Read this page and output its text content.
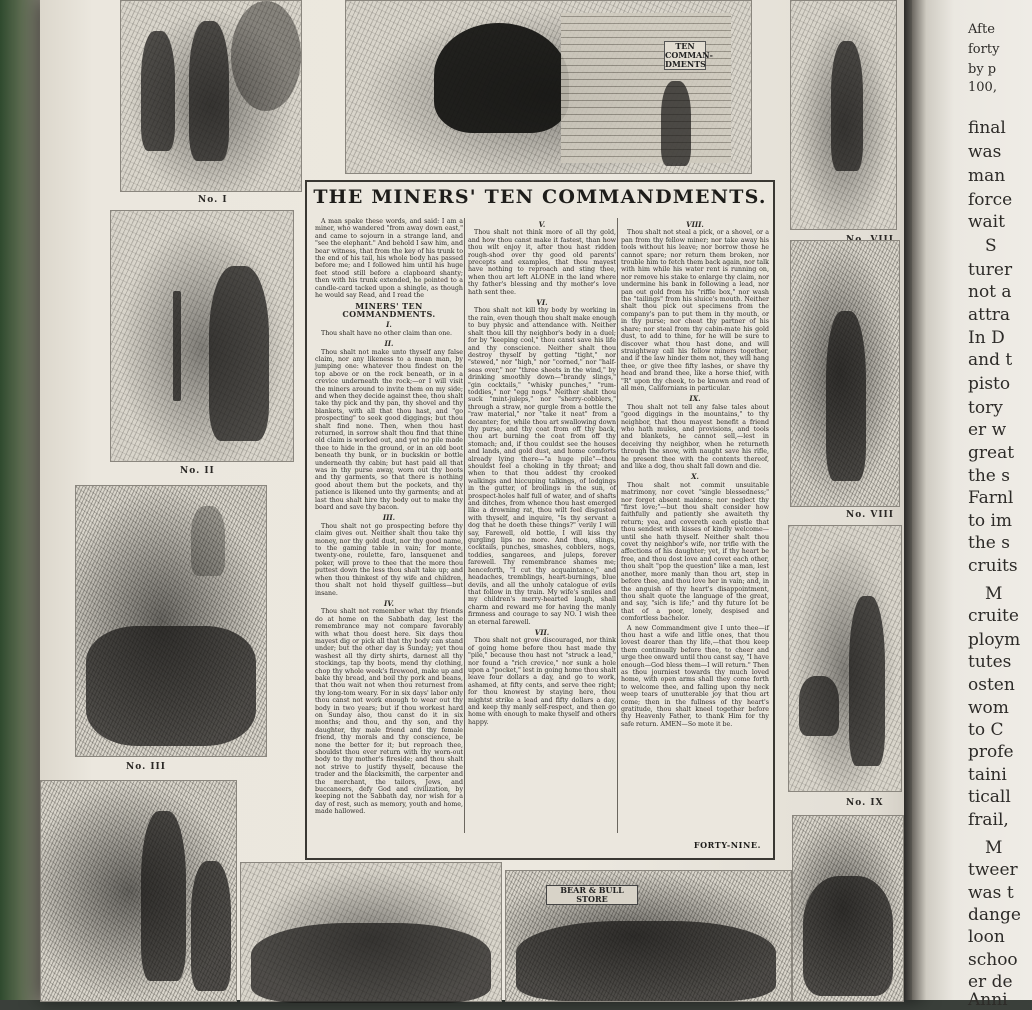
Afte
forty
by p
100,
final
was
man
force
wait
S
turer
not a
attra
In D
and t
pisto
tory
er w
great
the s
Farnl
to im
the s
cruits
M
cruite
ploym
tutes
osten
wom
to C
profe
taini
ticall
frail,
M
tweer
was t
dange
loon
schoo
er de
Anni
No. I
No. II
No. III
TEN
COMMAN-
DMENTS
No. VIII
No. IX
BEAR & BULL STORE
THE MINERS' TEN COMMANDMENTS.

A man spake these words, and said: I am a miner, who wandered "from away down east," and came to sojourn in a strange land, and "see the elephant." And behold I saw him, and bear witness, that from the key of his trunk to the end of his tail, his whole body has passed before me; and I followed him until his huge feet stood still before a clapboard shanty; then with his trunk extended, he pointed to a candle-card tacked upon a shingle, as though he would say Read, and I read the

MINERS' TEN COMMANDMENTS.
I.

Thou shalt have no other claim than one.

II.

Thou shalt not make unto thyself any false claim, nor any likeness to a mean man, by jumping one: whatever thou findest on the top above or on the rock beneath, or in a crevice underneath the rock;—or I will visit the miners around to invite them on my side; and when they decide against thee, thou shalt take thy pick and thy pan, thy shovel and thy blankets, with all that thou hast, and "go prospecting" to seek good diggings; but thou shalt find none. Then, when thou hast returned, in sorrow shalt thou find that thine old claim is worked out, and yet no pile made thee to hide in the ground, or in an old boot beneath thy bunk, or in buckskin or bottle underneath thy cabin; but hast paid all that was in thy purse away, worn out thy boots and thy garments, so that there is nothing good about them but the pockets, and thy patience is likened unto thy garments; and at last thou shalt hire thy body out to make thy board and save thy bacon.

III.

Thou shalt not go prospecting before thy claim gives out. Neither shalt thou take thy money, nor thy gold dust, nor thy good name, to the gaming table in vain; for monte, twenty-one, roulette, faro, lansquenet and poker, will prove to thee that the more thou puttest down the less thou shalt take up; and when thou thinkest of thy wife and children, thou shalt not hold thyself guiltless—but insane.

IV.

Thou shalt not remember what thy friends do at home on the Sabbath day, lest the remembrance may not compare favorably with what thou doest here. Six days thou mayest dig or pick all that thy body can stand under; but the other day is Sunday; yet thou washest all thy dirty shirts, darnest all thy stockings, tap thy boots, mend thy clothing, chop thy whole week's firewood, make up and bake thy bread, and boil thy pork and beans, that thou wait not when thou returnest from thy long-tom weary. For in six days' labor only thou canst not work enough to wear out thy body in two years; but if thou workest hard on Sunday also, thou canst do it in six months; and thou, and thy son, and thy daughter, thy male friend and thy female friend, thy morals and thy conscience, be none the better for it; but reproach thee, shouldst thou ever return with thy worn-out body to thy mother's fireside; and thou shalt not strive to justify thyself, because the trader and the blacksmith, the carpenter and the merchant, the tailors, Jews, and buccaneers, defy God and civilization, by keeping not the Sabbath day, nor wish for a day of rest, such as memory, youth and home, made hallowed.

V.

Thou shalt not think more of all thy gold, and how thou canst make it fastest, than how thou wilt enjoy it, after thou hast ridden rough-shod over thy good old parents' precepts and examples, that thou mayest have nothing to reproach and sting thee, when thou art left ALONE in the land where thy father's blessing and thy mother's love hath sent thee.

VI.

Thou shalt not kill thy body by working in the rain, even though thou shalt make enough to buy physic and attendance with. Neither shalt thou kill thy neighbor's body in a duel; for by "keeping cool," thou canst save his life and thy conscience. Neither shalt thou destroy thyself by getting "tight," nor "stewed," nor "high," nor "corned," nor "half-seas over," nor "three sheets in the wind," by drinking smoothly down—"brandy slings," "gin cocktails," "whisky punches," "rum-toddies," nor "egg nogs." Neither shalt thou suck "mint-juleps," nor "sherry-cobblers," through a straw, nor gurgle from a bottle the "raw material," nor "take it neat" from a decanter; for, while thou art swallowing down thy purse, and thy coat from off thy back, thou art burning the coat from off thy stomach; and, if thou couldst see the houses and lands, and gold dust, and home comforts already lying there—"a huge pile"—thou shouldst feel a choking in thy throat; and when to that thou addest thy crooked walkings and hiccuping talkings, of lodgings in the gutter, of broilings in the sun, of prospect-holes half full of water, and of shafts and ditches, from whence thou hast emerged like a drowning rat, thou wilt feel disgusted with thyself, and inquire, "Is thy servant a dog that he doeth these things?" verily I will say, Farewell, old bottle, I will kiss thy gurgling lips no more. And thou, slings, cocktails, punches, smashes, cobblers, nogs, toddies, sangarees, and juleps, forever farewell. Thy remembrance shames me; henceforth, "I cut thy acquaintance," and headaches, tremblings, heart-burnings, blue devils, and all the unholy catalogue of evils that follow in thy train. My wife's smiles and my children's merry-hearted laugh, shall charm and reward me for having the manly firmness and courage to say NO. I wish thee an eternal farewell.

VII.

Thou shalt not grow discouraged, nor think of going home before thou hast made thy "pile," because thou hast not "struck a lead," nor found a "rich crevice," nor sunk a hole upon a "pocket," lest in going home thou shalt leave four dollars a day, and go to work, ashamed, at fifty cents, and serve thee right; for thou knowest by staying here, thou mightst strike a lead and fifty dollars a day, and keep thy manly self-respect, and then go home with enough to make thyself and others happy.

VIII.

Thou shalt not steal a pick, or a shovel, or a pan from thy fellow miner; nor take away his tools without his leave; nor borrow those he cannot spare; nor return them broken, nor trouble him to fetch them back again, nor talk with him while his water rent is running on, nor remove his stake to enlarge thy claim, nor undermine his bank in following a lead, nor pan out gold from his "riffle box," nor wash the "tailings" from his sluice's mouth. Neither shalt thou pick out specimens from the company's pan to put them in thy mouth, or in thy purse; nor cheat thy partner of his share; nor steal from thy cabin-mate his gold dust, to add to thine, for he will be sure to discover what thou hast done, and will straightway call his fellow miners together, and if the law hinder them not, they will hang thee, or give thee fifty lashes, or shave thy head and brand thee, like a horse thief, with "R" upon thy cheek, to be known and read of all men, Californians in particular.

IX.

Thou shalt not tell any false tales about "good diggings in the mountains," to thy neighbor, that thou mayest benefit a friend who hath mules, and provisions, and tools and blankets, he cannot sell,—lest in deceiving thy neighbor, when he returneth through the snow, with naught save his rifle, he present thee with the contents thereof, and like a dog, thou shalt fall down and die.

X.

Thou shalt not commit unsuitable matrimony, nor covet "single blessedness;" nor forget absent maidens; nor neglect thy "first love;"—but thou shalt consider how faithfully and patiently she awaiteth thy return; yea, and covereth each epistle that thou sendest with kisses of kindly welcome—until she hath thyself. Neither shalt thou covet thy neighbor's wife, nor trifle with the affections of his daughter; yet, if thy heart be free, and thou dost love and covet each other, thou shalt "pop the question" like a man, lest another, more manly than thou art, step in before thee, and thou love her in vain; and, in the anguish of thy heart's disappointment, thou shalt quote the language of the great, and say, "sich is life;" and thy future lot be that of a poor, lonely, despised and comfortless bachelor.

A new Commandment give I unto thee—if thou hast a wife and little ones, that thou lovest dearer than thy life,—that thou keep them continually before thee, to cheer and urge thee onward until thou canst say, "I have enough—God bless them—I will return." Then as thou journiest towards thy much loved home, with open arms shall they come forth to welcome thee, and falling upon thy neck weep tears of unutterable joy that thou art come; then in the fullness of thy heart's gratitude, thou shalt kneel together before thy Heavenly Father, to thank Him for thy safe return. AMEN—So mote it be.

FORTY-NINE.
